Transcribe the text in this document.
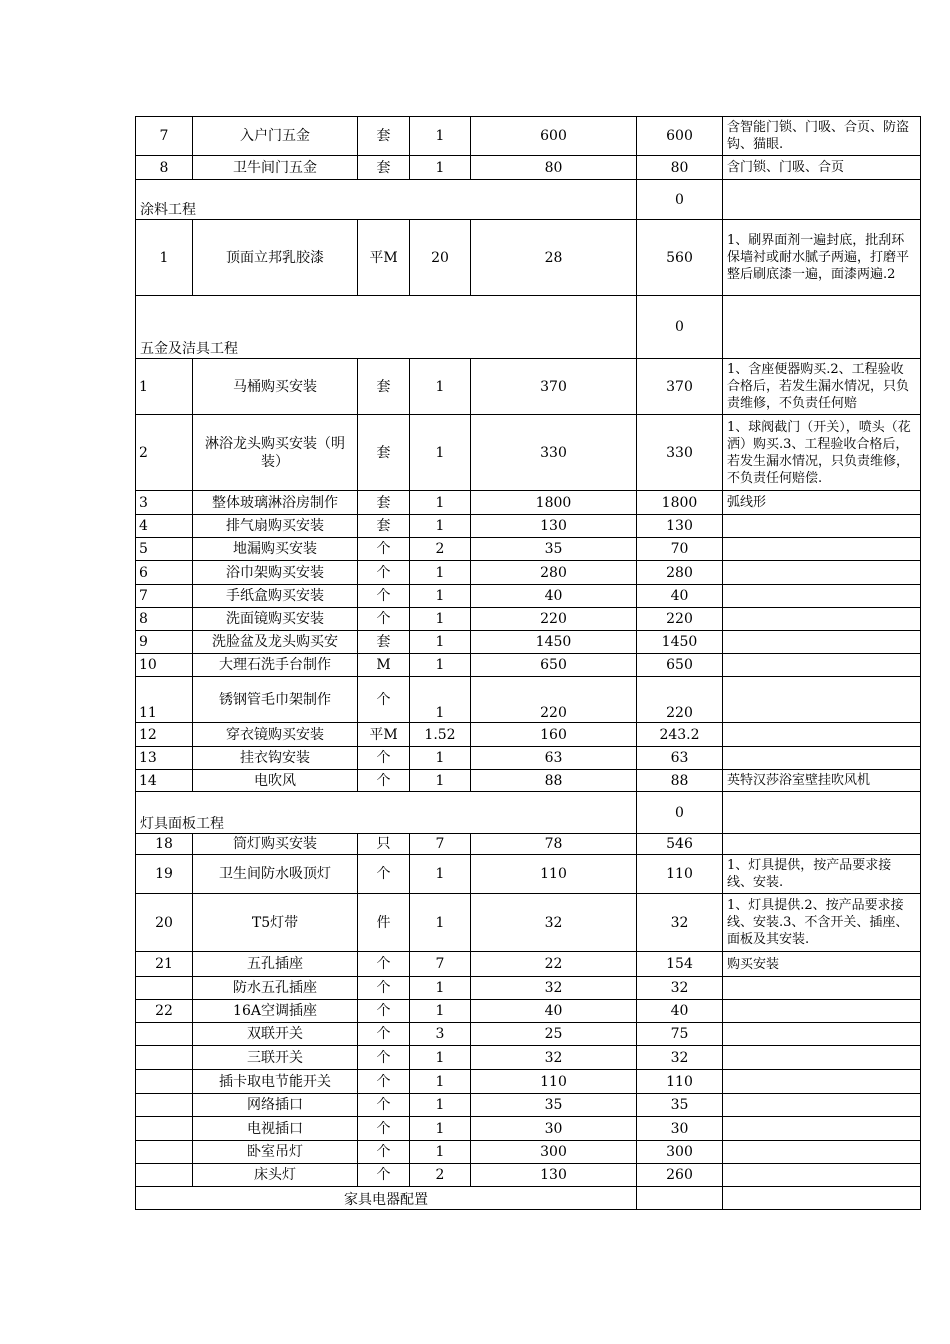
7	入户门五金	套	1	600	600	含智能门锁、门吸、合页、防盗钩、猫眼.
8	卫牛间门五金	套	1	80	80	含门锁、门吸、合页
涂料工程					0	
1	顶面立邦乳胶漆	平M	20	28	560	1、刷界面剂一遍封底，批刮环保墙衬或耐水腻子两遍，打磨平整后刷底漆一遍，面漆两遍.2
五金及洁具工程					0	
1	马桶购买安装	套	1	370	370	1、含座便器购买.2、工程验收合格后，若发生漏水情况，只负责维修，不负责任何赔
2	淋浴龙头购买安装（明装）	套	1	330	330	1、球阀截门（开关），喷头（花洒）购买.3、工程验收合格后，若发生漏水情况，只负责维修，不负责任何赔偿.
3	整体玻璃淋浴房制作	套	1	1800	1800	弧线形
4	排气扇购买安装	套	1	130	130	
5	地漏购买安装	个	2	35	70	
6	浴巾架购买安装	个	1	280	280	
7	手纸盒购买安装	个	1	40	40	
8	洗面镜购买安装	个	1	220	220	
9	洗脸盆及龙头购买安	套	1	1450	1450	
10	大理石洗手台制作	M	1	650	650	
11	锈钢管毛巾架制作	个	1	220	220	
12	穿衣镜购买安装	平M	1.52	160	243.2	
13	挂衣钩安装	个	1	63	63	
14	电吹风	个	1	88	88	英特汉莎浴室壁挂吹风机
灯具面板工程					0	
18	筒灯购买安装	只	7	78	546	
19	卫生间防水吸顶灯	个	1	110	110	1、灯具提供，按产品要求接线、安装.
20	T5灯带	件	1	32	32	1、灯具提供.2、按产品要求接线、安装.3、不含开关、插座、面板及其安装.
21	五孔插座	个	7	22	154	购买安装
	防水五孔插座	个	1	32	32	
22	16A空调插座	个	1	40	40	
	双联开关	个	3	25	75	
	三联开关	个	1	32	32	
	插卡取电节能开关	个	1	110	110	
	网络插口	个	1	35	35	
	电视插口	个	1	30	30	
	卧室吊灯	个	1	300	300	
	床头灯	个	2	130	260	
家具电器配置						
